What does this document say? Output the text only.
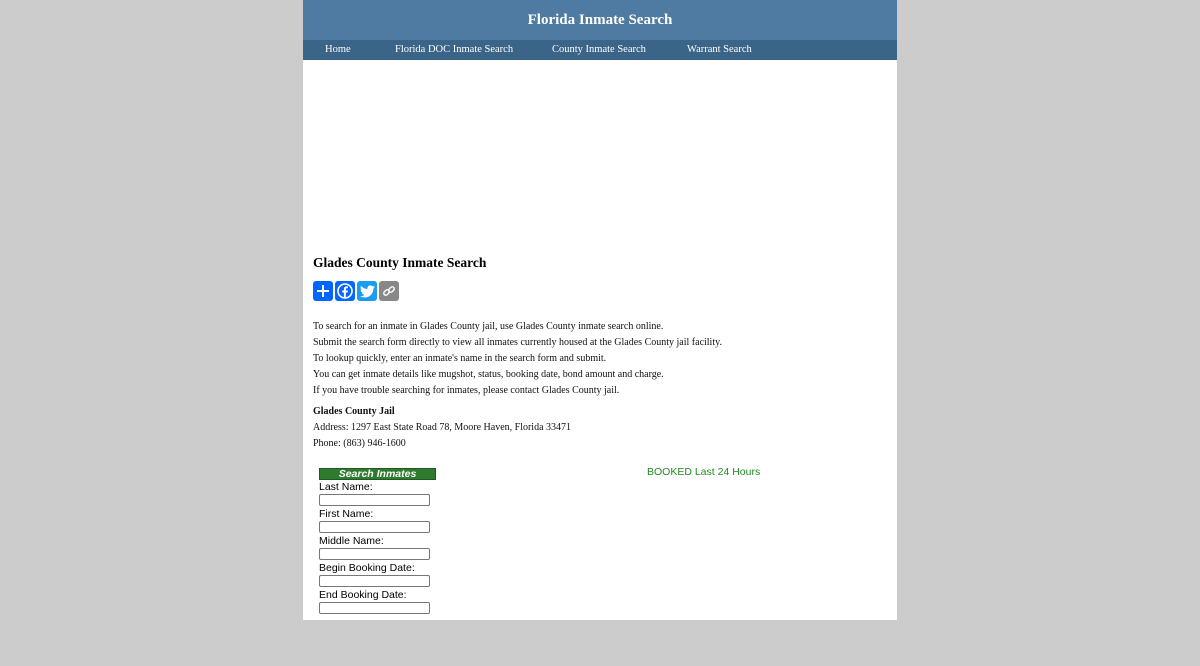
Florida Inmate Search
Home	Florida DOC Inmate Search	County Inmate Search	Warrant Search
Glades County Inmate Search
To search for an inmate in Glades County jail, use Glades County inmate search online.
Submit the search form directly to view all inmates currently housed at the Glades County jail facility.
To lookup quickly, enter an inmate's name in the search form and submit.
You can get inmate details like mugshot, status, booking date, bond amount and charge.
If you have trouble searching for inmates, please contact Glades County jail.
Glades County Jail
Address: 1297 East State Road 78, Moore Haven, Florida 33471
Phone: (863) 946-1600
Search Inmates
Last Name:
First Name:
Middle Name:
Begin Booking Date:
End Booking Date:
BOOKED Last 24 Hours
